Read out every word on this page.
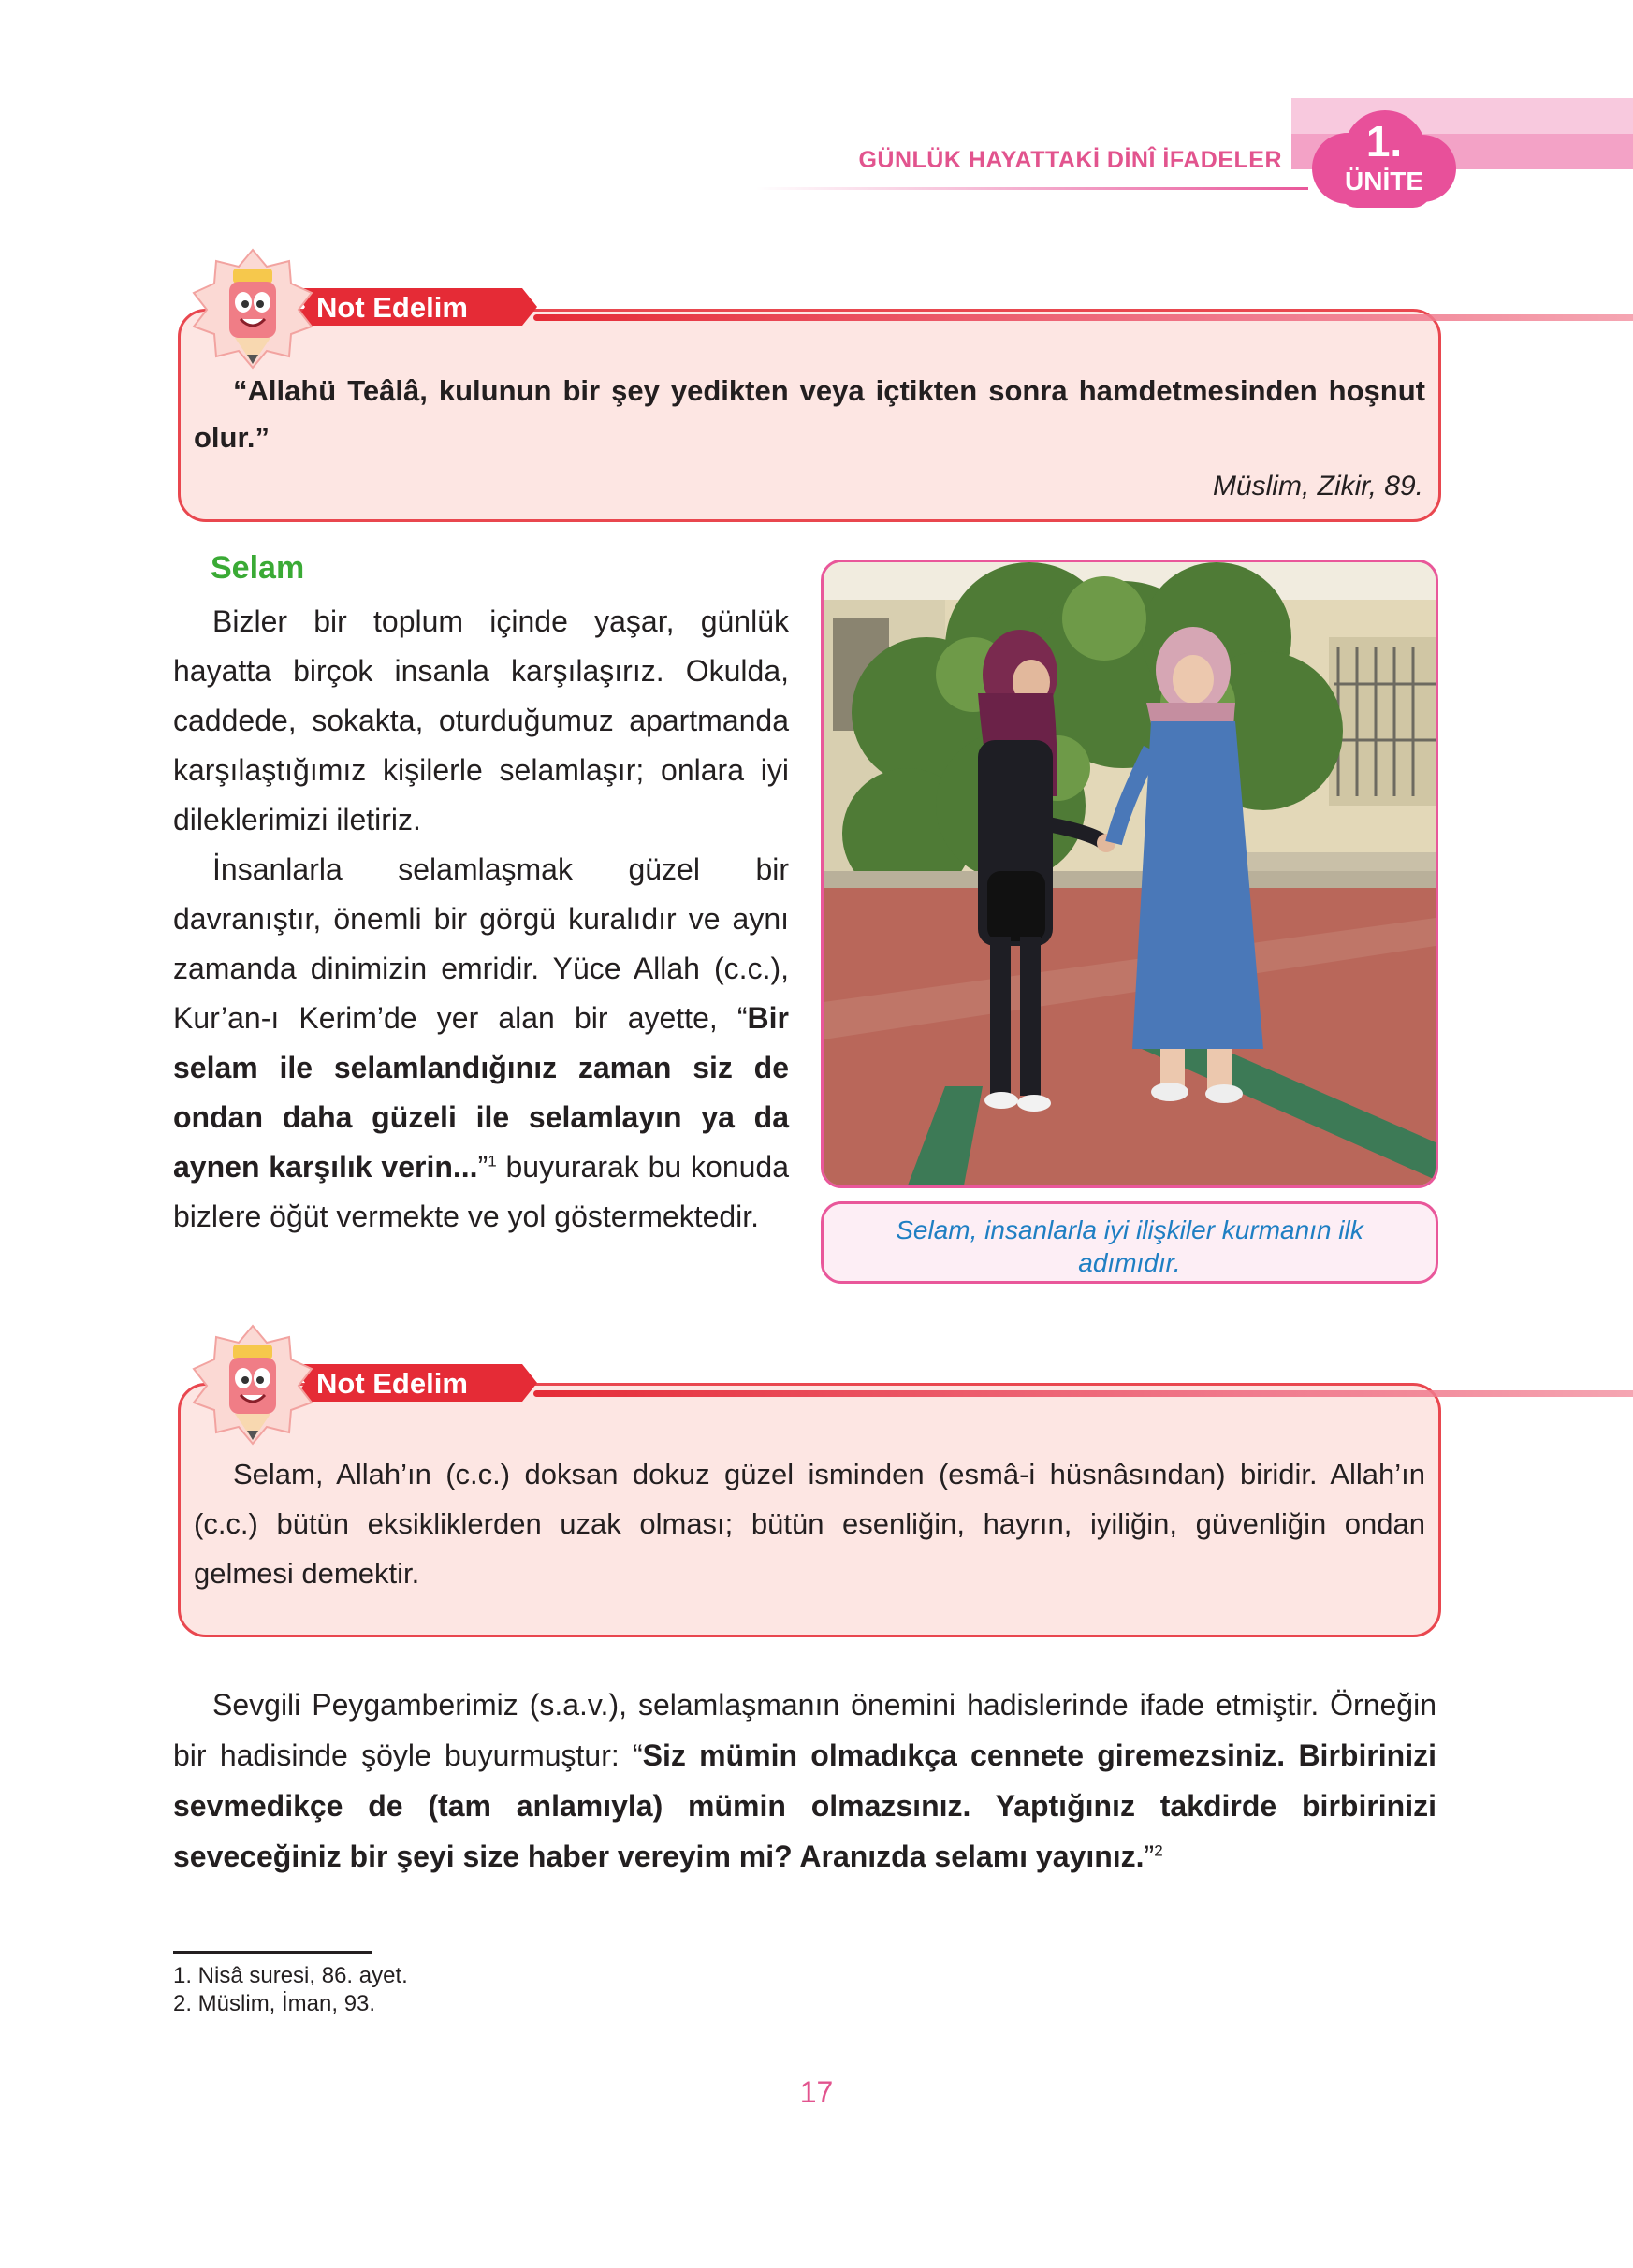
GÜNLÜK HAYATTAKİ DİNÎ İFADELER	1.
ÜNİTE
“Allahü Teâlâ, kulunun bir şey yedikten veya içtikten sonra hamdetmesinden hoşnut olur.”
Müslim, Zikir, 89.
Not Edelim
Selam

Bizler bir toplum içinde yaşar, günlük hayatta birçok insanla karşılaşırız. Okulda, caddede, sokakta, oturduğumuz apartmanda karşılaştığımız kişilerle selamlaşır; onlara iyi dileklerimizi iletiriz.

İnsanlarla selamlaşmak güzel bir davranıştır, önemli bir görgü kuralıdır ve aynı zamanda dinimizin emridir. Yüce Allah (c.c.), Kur’an-ı Kerim’de yer alan bir ayette, “Bir selam ile selamlandığınız zaman siz de ondan daha güzeli ile selamlayın ya da aynen karşılık verin...”$^1$ buyurarak bu konuda bizlere öğüt vermekte ve yol göstermektedir.	Selam, insanlarla iyi ilişkiler kurmanın ilk adımıdır.
Selam, Allah’ın (c.c.) doksan dokuz güzel isminden (esmâ-i hüsnâsından) biridir. Allah’ın (c.c.) bütün eksikliklerden uzak olması; bütün esenliğin, hayrın, iyiliğin, güvenliğin ondan gelmesi demektir.
Not Edelim

Sevgili Peygamberimiz (s.a.v.), selamlaşmanın önemini hadislerinde ifade etmiştir. Örneğin bir hadisinde şöyle buyurmuştur: “Siz mümin olmadıkça cennete giremezsiniz. Birbirinizi sevmedikçe de (tam anlamıyla) mümin olmazsınız. Yaptığınız takdirde birbirinizi seveceğiniz bir şeyi size haber vereyim mi? Aranızda selamı yayınız.”$^2$

1. Nisâ suresi, 86. ayet.
2. Müslim, İman, 93.
17
